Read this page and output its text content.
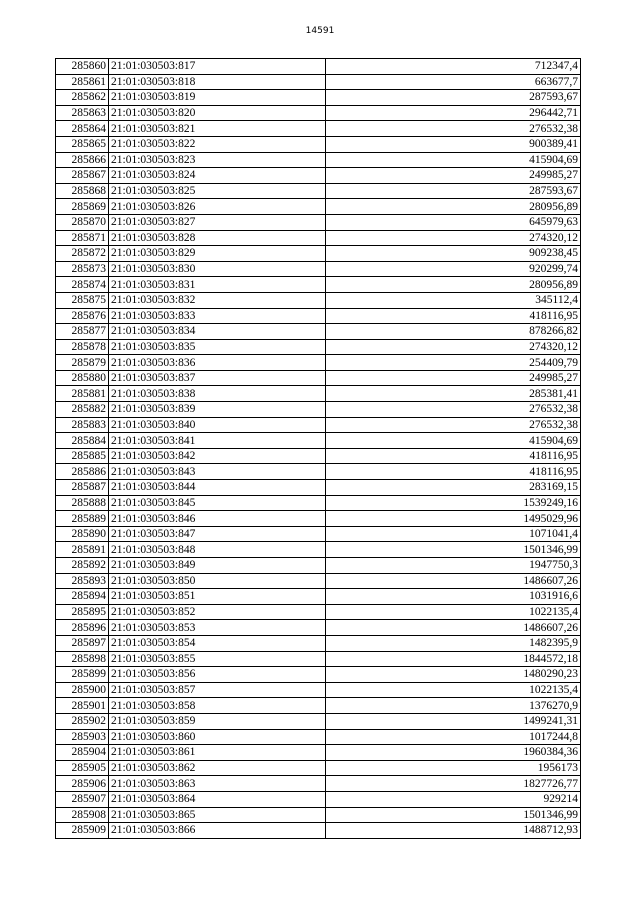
14591
285860	21:01:030503:817	712347,4
285861	21:01:030503:818	663677,7
285862	21:01:030503:819	287593,67
285863	21:01:030503:820	296442,71
285864	21:01:030503:821	276532,38
285865	21:01:030503:822	900389,41
285866	21:01:030503:823	415904,69
285867	21:01:030503:824	249985,27
285868	21:01:030503:825	287593,67
285869	21:01:030503:826	280956,89
285870	21:01:030503:827	645979,63
285871	21:01:030503:828	274320,12
285872	21:01:030503:829	909238,45
285873	21:01:030503:830	920299,74
285874	21:01:030503:831	280956,89
285875	21:01:030503:832	345112,4
285876	21:01:030503:833	418116,95
285877	21:01:030503:834	878266,82
285878	21:01:030503:835	274320,12
285879	21:01:030503:836	254409,79
285880	21:01:030503:837	249985,27
285881	21:01:030503:838	285381,41
285882	21:01:030503:839	276532,38
285883	21:01:030503:840	276532,38
285884	21:01:030503:841	415904,69
285885	21:01:030503:842	418116,95
285886	21:01:030503:843	418116,95
285887	21:01:030503:844	283169,15
285888	21:01:030503:845	1539249,16
285889	21:01:030503:846	1495029,96
285890	21:01:030503:847	1071041,4
285891	21:01:030503:848	1501346,99
285892	21:01:030503:849	1947750,3
285893	21:01:030503:850	1486607,26
285894	21:01:030503:851	1031916,6
285895	21:01:030503:852	1022135,4
285896	21:01:030503:853	1486607,26
285897	21:01:030503:854	1482395,9
285898	21:01:030503:855	1844572,18
285899	21:01:030503:856	1480290,23
285900	21:01:030503:857	1022135,4
285901	21:01:030503:858	1376270,9
285902	21:01:030503:859	1499241,31
285903	21:01:030503:860	1017244,8
285904	21:01:030503:861	1960384,36
285905	21:01:030503:862	1956173
285906	21:01:030503:863	1827726,77
285907	21:01:030503:864	929214
285908	21:01:030503:865	1501346,99
285909	21:01:030503:866	1488712,93
